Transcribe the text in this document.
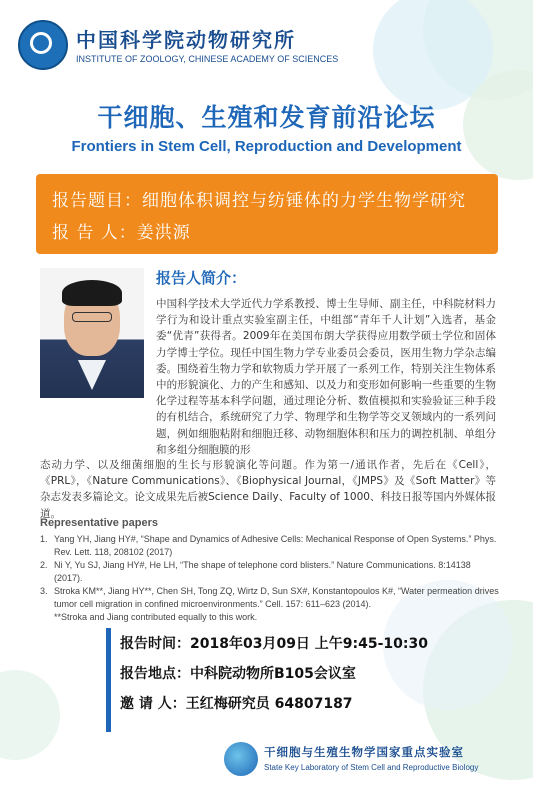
中国科学院动物研究所
INSTITUTE OF ZOOLOGY, CHINESE ACADEMY OF SCIENCES
干细胞、生殖和发育前沿论坛
Frontiers in Stem Cell, Reproduction and Development
报告题目：细胞体积调控与纺锤体的力学生物学研究
报 告 人：姜洪源
报告人简介：
中国科学技术大学近代力学系教授、博士生导师、副主任，中科院材料力学行为和设计重点实验室副主任，中组部“青年千人计划”入选者，基金委“优青”获得者。2009年在美国布朗大学获得应用数学硕士学位和固体力学博士学位。现任中国生物力学专业委员会委员，医用生物力学杂志编委。围绕着生物力学和软物质力学开展了一系列工作，特别关注生物体系中的形貌演化、力的产生和感知、以及力和变形如何影响一些重要的生物化学过程等基本科学问题，通过理论分析、数值模拟和实验验证三种手段的有机结合，系统研究了力学、物理学和生物学等交叉领域内的一系列问题，例如细胞粘附和细胞迁移、动物细胞体积和压力的调控机制、单组分和多组分细胞膜的形
态动力学、以及细菌细胞的生长与形貌演化等问题。作为第一/通讯作者，先后在《Cell》，《PRL》，《Nature Communications》、《Biophysical Journal，《JMPS》及《Soft Matter》等杂志发表多篇论文。论文成果先后被Science Daily、Faculty of 1000、科技日报等国内外媒体报道。
Representative papers
1. Yang YH, Jiang HY#, “Shape and Dynamics of Adhesive Cells: Mechanical Response of Open Systems.” Phys. Rev. Lett. 118, 208102 (2017)
2. Ni Y, Yu SJ, Jiang HY#, He LH, “The shape of telephone cord blisters.” Nature Communications. 8:14138 (2017).
3. Stroka KM**, Jiang HY**, Chen SH, Tong ZQ, Wirtz D, Sun SX#, Konstantopoulos K#, “Water permeation drives tumor cell migration in confined microenvironments.” Cell. 157: 611–623 (2014).
**Stroka and Jiang contributed equally to this work.
报告时间：2018年03月09日 上午9:45-10:30
报告地点：中科院动物所B105会议室
邀 请 人：王红梅研究员 64807187
干细胞与生殖生物学国家重点实验室
State Key Laboratory of Stem Cell and Reproductive Biology
